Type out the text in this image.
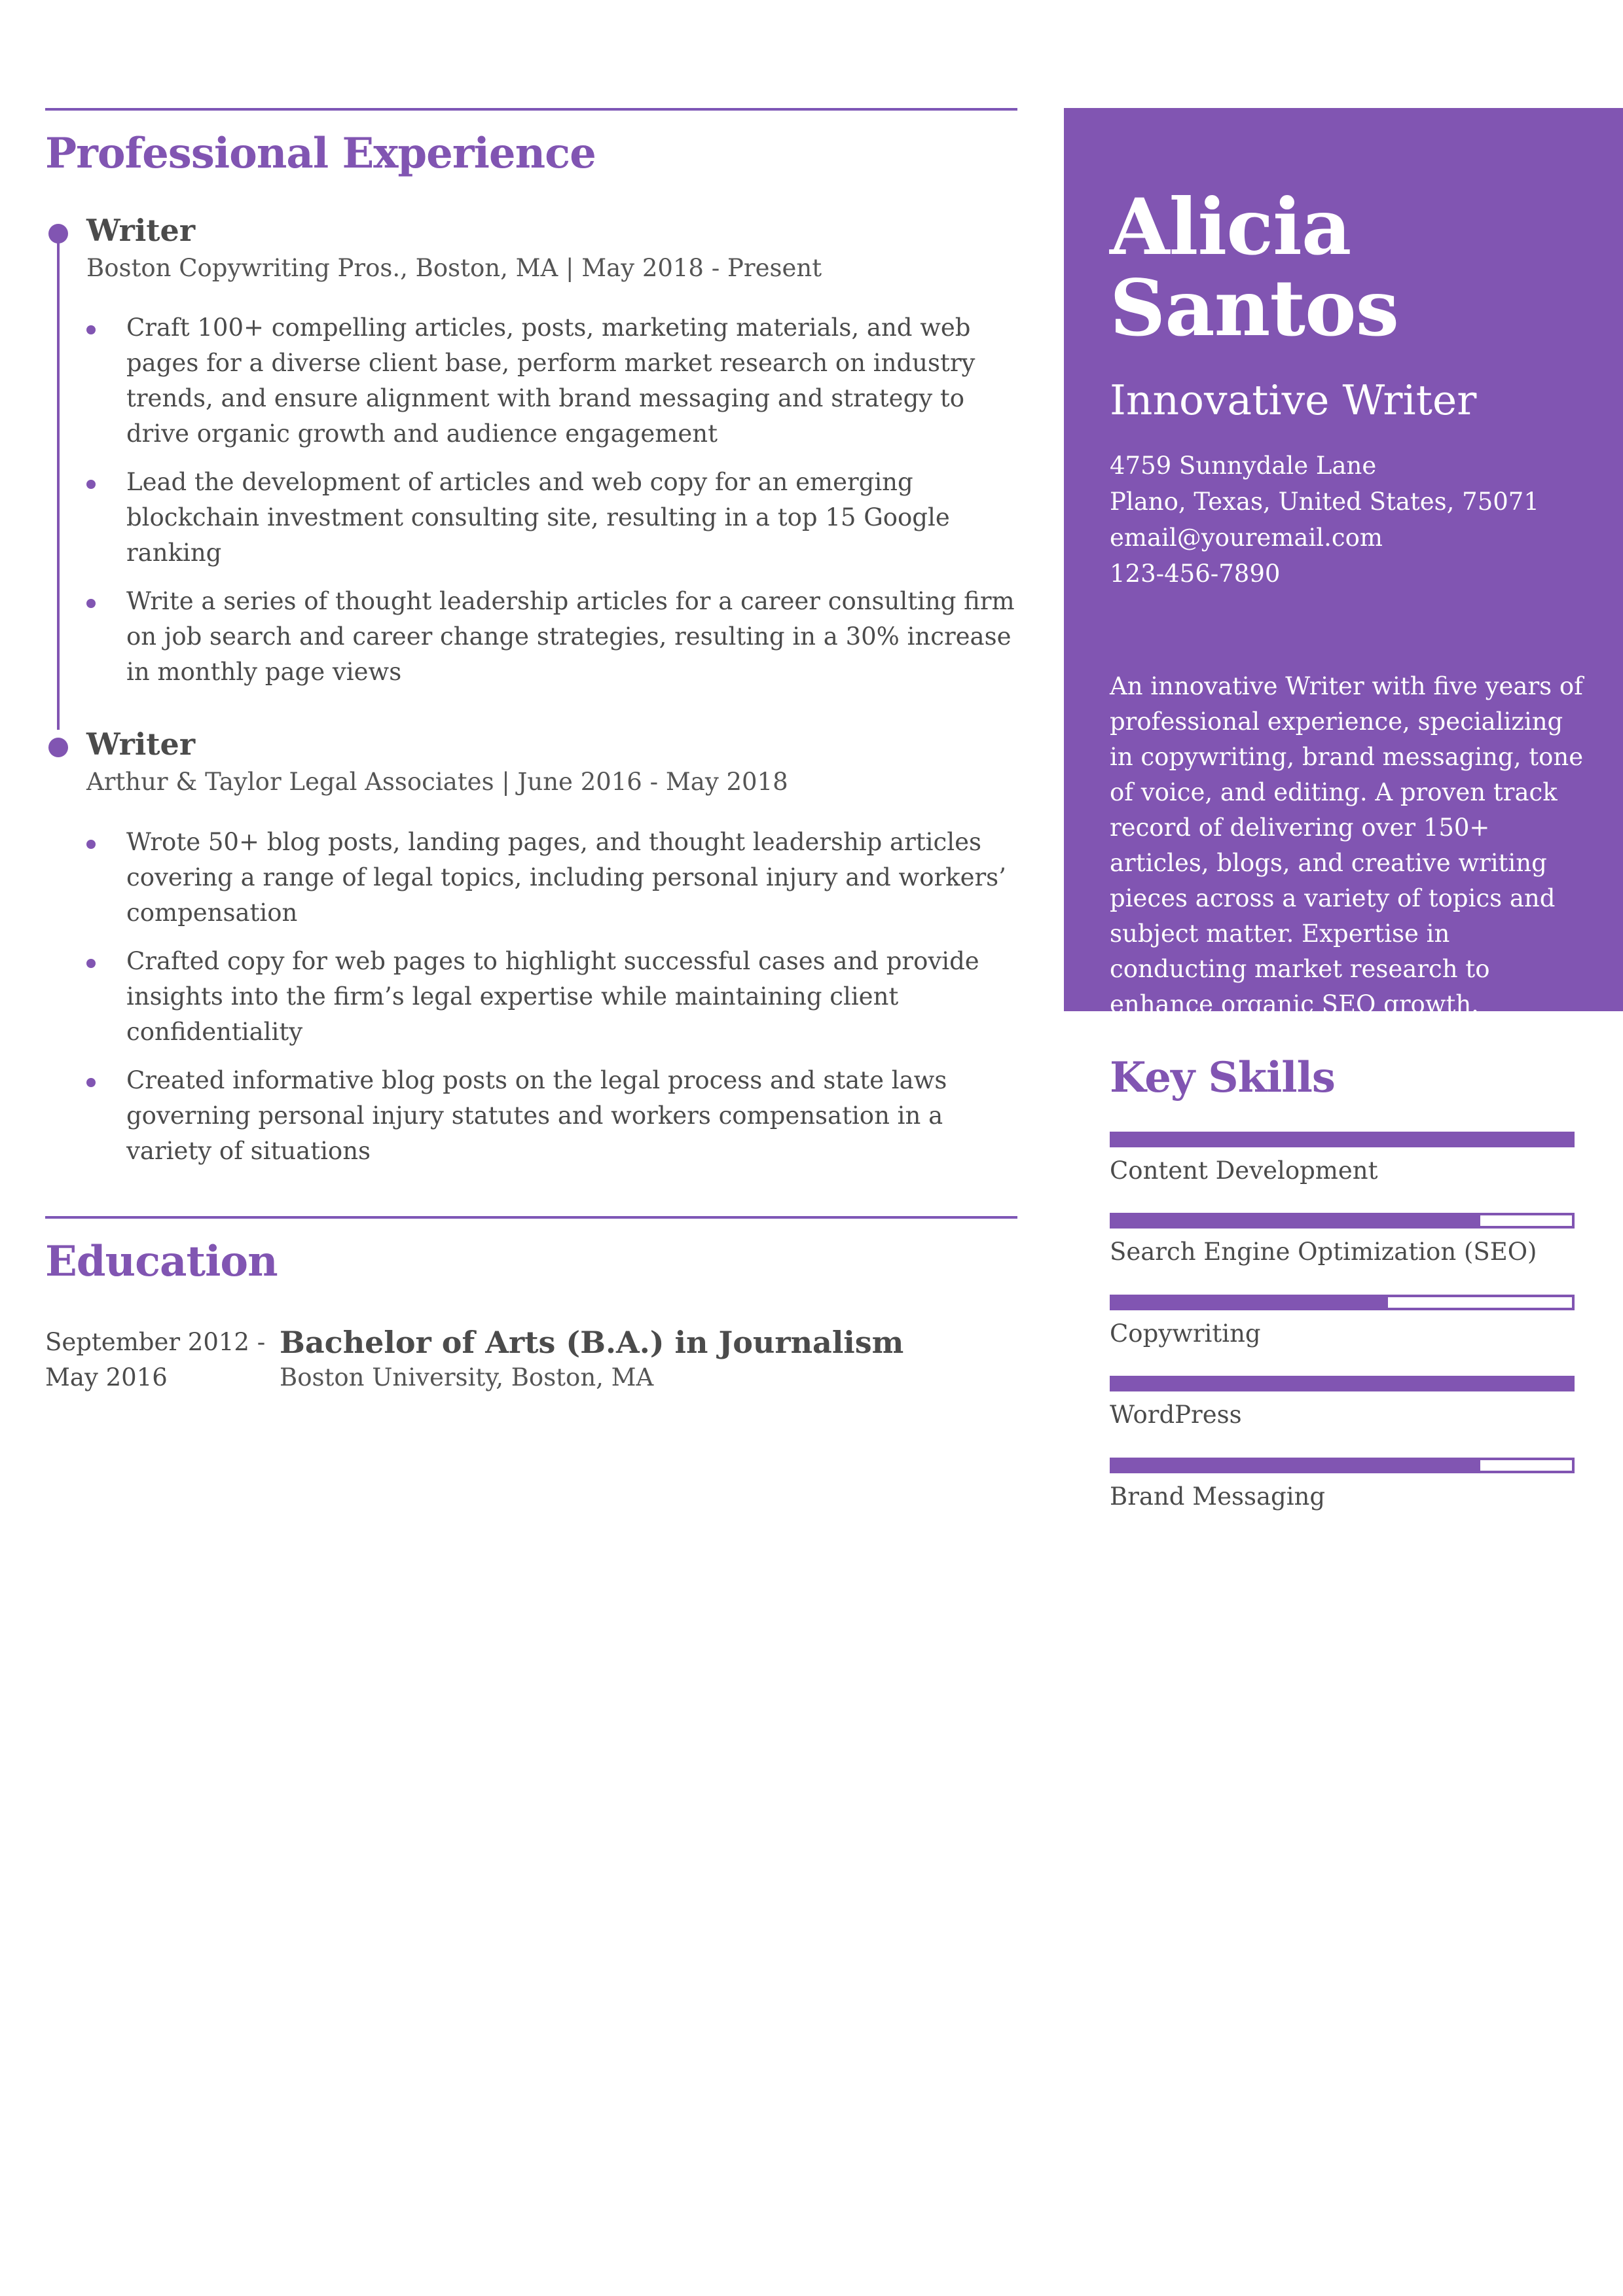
Professional Experience
Writer
Boston Copywriting Pros., Boston, MA | May 2018 - Present
Craft 100+ compelling articles, posts, marketing materials, and web pages for a diverse client base, perform market research on industry trends, and ensure alignment with brand messaging and strategy to drive organic growth and audience engagement
Lead the development of articles and web copy for an emerging blockchain investment consulting site, resulting in a top 15 Google ranking
Write a series of thought leadership articles for a career consulting firm on job search and career change strategies, resulting in a 30% increase in monthly page views
Writer
Arthur & Taylor Legal Associates | June 2016 - May 2018
Wrote 50+ blog posts, landing pages, and thought leadership articles covering a range of legal topics, including personal injury and workers’ compensation
Crafted copy for web pages to highlight successful cases and provide insights into the firm’s legal expertise while maintaining client confidentiality
Created informative blog posts on the legal process and state laws governing personal injury statutes and workers compensation in a variety of situations
Education
September 2012 - May 2016
Bachelor of Arts (B.A.) in Journalism
Boston University, Boston, MA
Alicia
Santos
Innovative Writer
4759 Sunnydale Lane
Plano, Texas, United States, 75071
email@youremail.com
123-456-7890
An innovative Writer with five years of professional experience, specializing in copywriting, brand messaging, tone of voice, and editing. A proven track record of delivering over 150+ articles, blogs, and creative writing pieces across a variety of topics and subject matter. Expertise in conducting market research to enhance organic SEO growth.
Key Skills
Content Development
Search Engine Optimization (SEO)
Copywriting
WordPress
Brand Messaging
